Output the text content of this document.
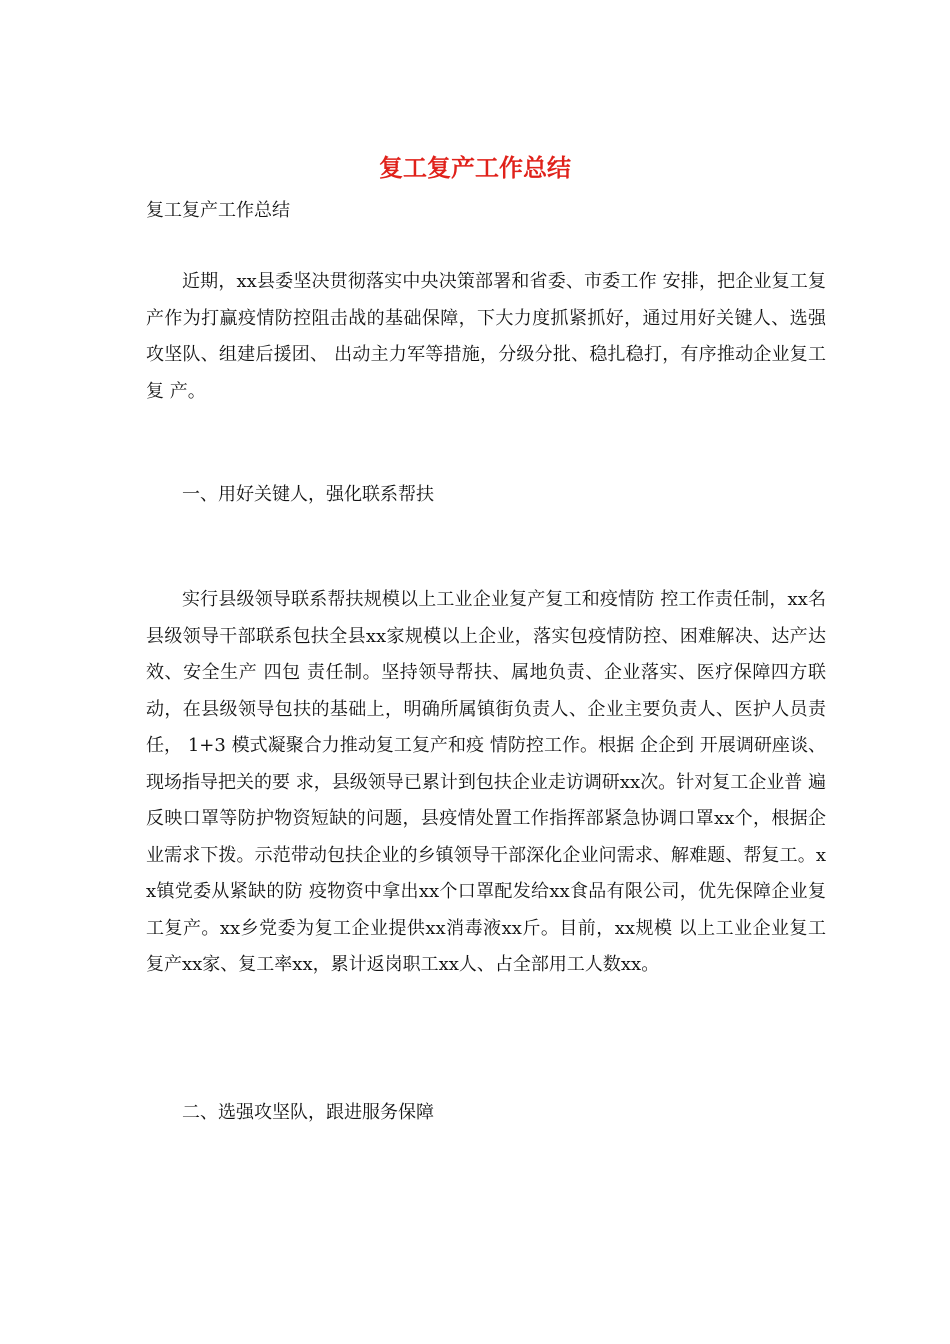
复工复产工作总结

复工复产工作总结

近期，xx县委坚决贯彻落实中央决策部署和省委、市委工作 安排，把企业复工复产作为打赢疫情防控阻击战的基础保障，下大力度抓紧抓好，通过用好关键人、选强攻坚队、组建后援团、 出动主力军等措施，分级分批、稳扎稳打，有序推动企业复工复 产。

一、用好关键人，强化联系帮扶

实行县级领导联系帮扶规模以上工业企业复产复工和疫情防 控工作责任制，xx名县级领导干部联系包扶全县xx家规模以上企业，落实包疫情防控、困难解决、达产达效、安全生产 四包 责任制。坚持领导帮扶、属地负责、企业落实、医疗保障四方联 动，在县级领导包扶的基础上，明确所属镇街负责人、企业主要负责人、医护人员责任， 1+3 模式凝聚合力推动复工复产和疫 情防控工作。根据 企企到 开展调研座谈、现场指导把关的要 求，县级领导已累计到包扶企业走访调研xx次。针对复工企业普 遍反映口罩等防护物资短缺的问题，县疫情处置工作指挥部紧急协调口罩xx个，根据企业需求下拨。示范带动包扶企业的乡镇领导干部深化企业问需求、解难题、帮复工。xx镇党委从紧缺的防 疫物资中拿出xx个口罩配发给xx食品有限公司，优先保障企业复工复产。xx乡党委为复工企业提供xx消毒液xx斤。目前，xx规模 以上工业企业复工复产xx家、复工率xx，累计返岗职工xx人、占全部用工人数xx。

二、选强攻坚队，跟进服务保障
